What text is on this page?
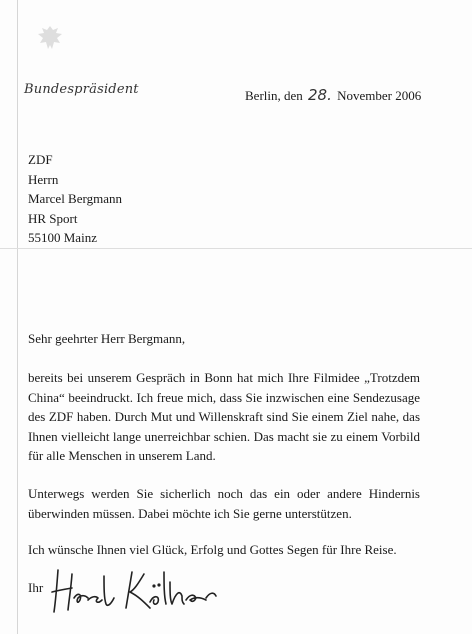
Bundespräsident	Berlin, den 28. November 2006
ZDF
Herrn
Marcel Bergmann
HR Sport
55100 Mainz
Sehr geehrter Herr Bergmann,
bereits bei unserem Gespräch in Bonn hat mich Ihre Filmidee „Trotzdem China“ beeindruckt. Ich freue mich, dass Sie inzwischen eine Sendezusage des ZDF haben. Durch Mut und Willenskraft sind Sie einem Ziel nahe, das Ihnen vielleicht lange unerreichbar schien. Das macht sie zu einem Vorbild für alle Menschen in unserem Land.
Unterwegs werden Sie sicherlich noch das ein oder andere Hindernis überwinden müssen. Dabei möchte ich Sie gerne unterstützen.
Ich wünsche Ihnen viel Glück, Erfolg und Gottes Segen für Ihre Reise.
Ihr
